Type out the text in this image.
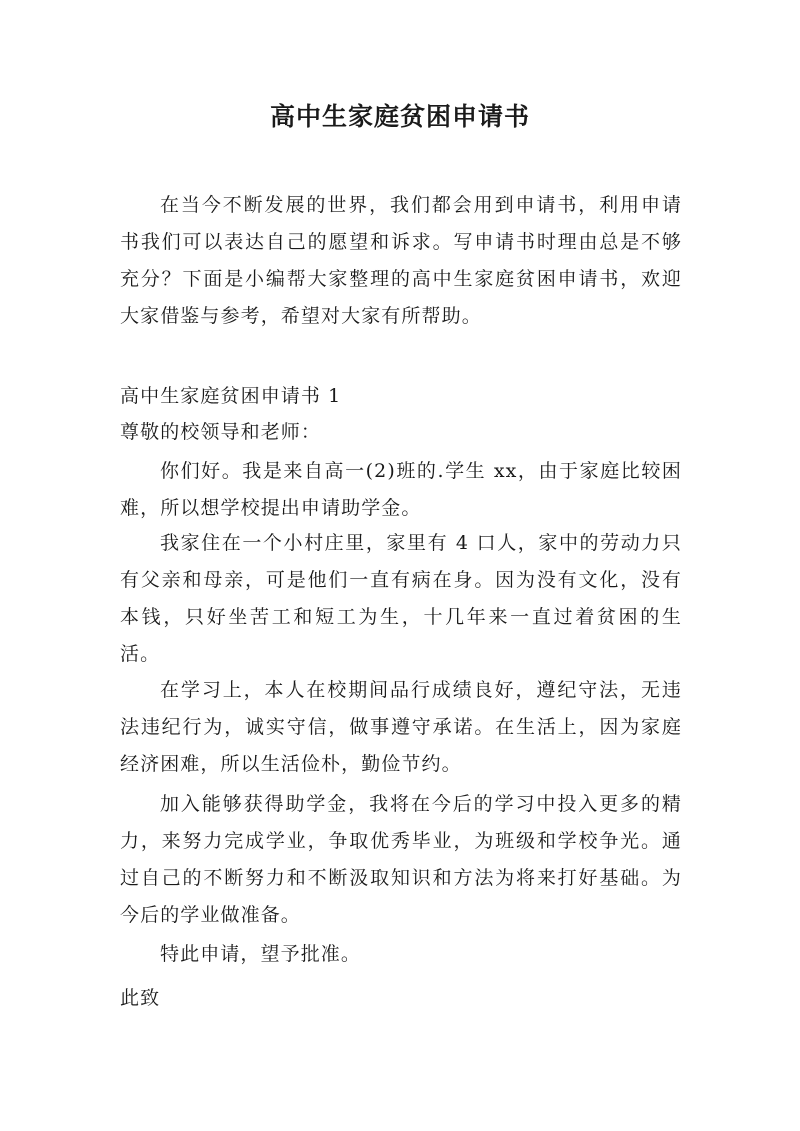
高中生家庭贫困申请书

在当今不断发展的世界，我们都会用到申请书，利用申请书我们可以表达自己的愿望和诉求。写申请书时理由总是不够充分？下面是小编帮大家整理的高中生家庭贫困申请书，欢迎大家借鉴与参考，希望对大家有所帮助。

高中生家庭贫困申请书 1

尊敬的校领导和老师：

你们好。我是来自高一(2)班的.学生 xx，由于家庭比较困难，所以想学校提出申请助学金。

我家住在一个小村庄里，家里有 4 口人，家中的劳动力只有父亲和母亲，可是他们一直有病在身。因为没有文化，没有本钱，只好坐苦工和短工为生，十几年来一直过着贫困的生活。

在学习上，本人在校期间品行成绩良好，遵纪守法，无违法违纪行为，诚实守信，做事遵守承诺。在生活上，因为家庭经济困难，所以生活俭朴，勤俭节约。

加入能够获得助学金，我将在今后的学习中投入更多的精力，来努力完成学业，争取优秀毕业，为班级和学校争光。通过自己的不断努力和不断汲取知识和方法为将来打好基础。为今后的学业做准备。

特此申请，望予批准。

此致
